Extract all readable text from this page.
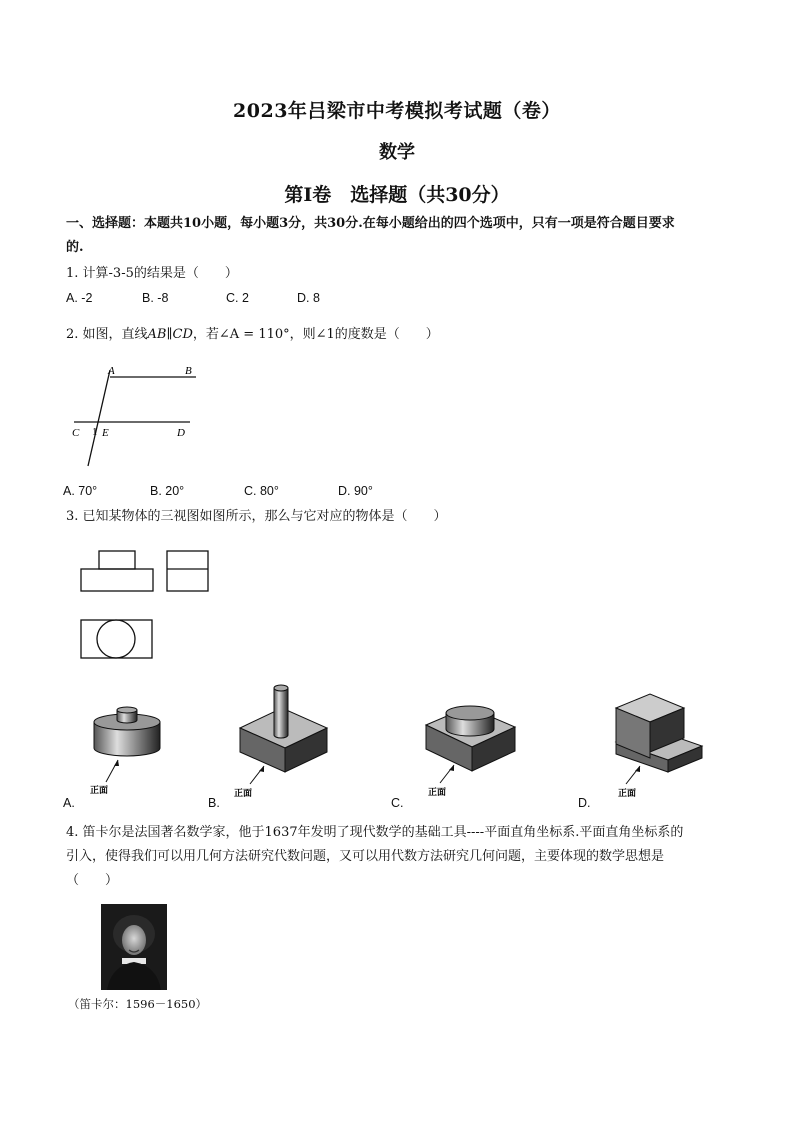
2023年吕梁市中考模拟考试题（卷）
数学
第I卷　选择题（共30分）
一、选择题：本题共10小题，每小题3分，共30分.在每小题给出的四个选项中，只有一项是符合题目要求
的.
1. 计算-3-5的结果是（　　）
A. -2	B. -8	C. 2	D. 8
2. 如图，直线AB∥CD，若∠A = 110°，则∠1的度数是（　　）
A	B
C 1 E	D
A. 70°	B. 20°	C. 80°	D. 90°
3. 已知某物体的三视图如图所示，那么与它对应的物体是（　　）
正面	正面	正面	正面
A.	B.	C.	D.
4. 笛卡尔是法国著名数学家，他于1637年发明了现代数学的基础工具----平面直角坐标系.平面直角坐标系的
引入，使得我们可以用几何方法研究代数问题，又可以用代数方法研究几何问题，主要体现的数学思想是
（　　）
（笛卡尔：1596－1650）
